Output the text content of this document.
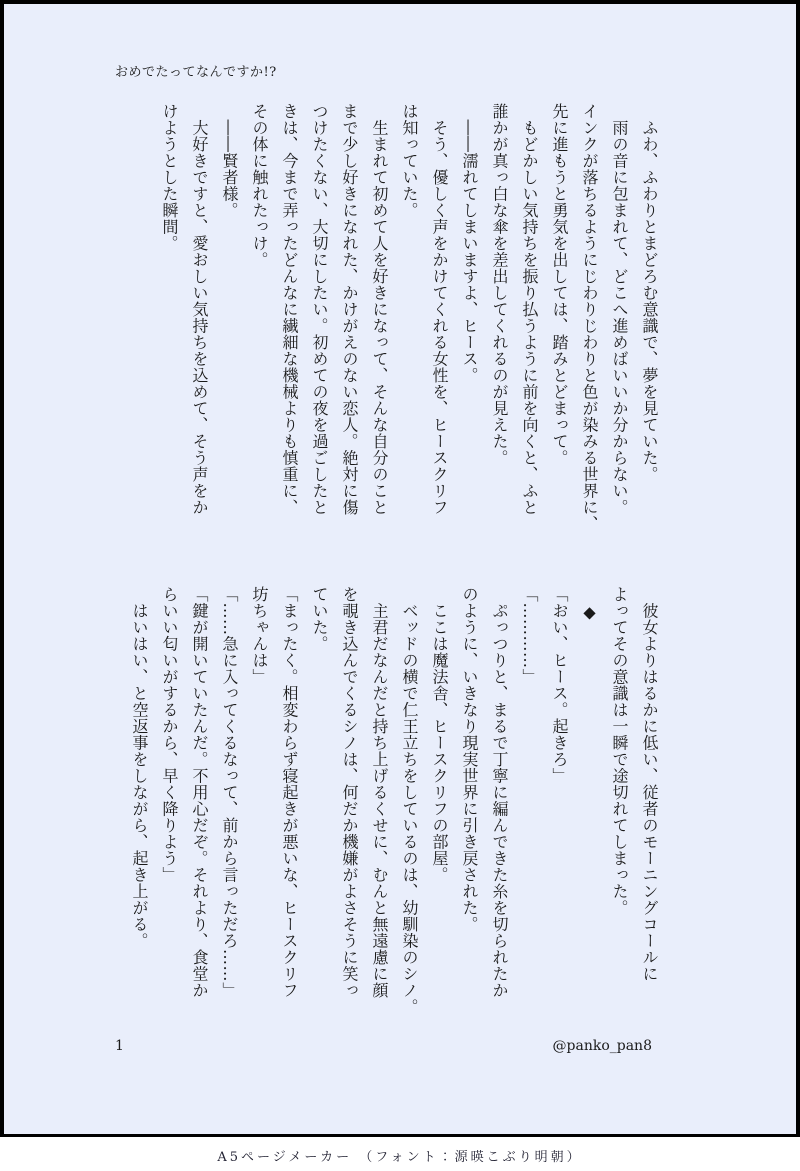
おめでたってなんですか!?

　ふわ、ふわりとまどろむ意識で、夢を見ていた。

　雨の音に包まれて、どこへ進めばいいか分からない。

インクが落ちるようにじわりじわりと色が染みる世界に、

先に進もうと勇気を出しては、踏みとどまって。

　もどかしい気持ちを振り払うように前を向くと、ふと

誰かが真っ白な傘を差出してくれるのが見えた。

　――濡れてしまいますよ、ヒース。

　そう、優しく声をかけてくれる女性を、ヒースクリフ

は知っていた。

　生まれて初めて人を好きになって、そんな自分のこと

まで少し好きになれた、かけがえのない恋人。絶対に傷

つけたくない、大切にしたい。初めての夜を過ごしたと

きは、今まで弄ったどんなに繊細な機械よりも慎重に、

その体に触れたっけ。

　――賢者様。

　大好きですと、愛おしい気持ちを込めて、そう声をか

けようとした瞬間。

　彼女よりはるかに低い、従者のモーニングコールに

よってその意識は一瞬で途切れてしまった。

　◆

「おい、ヒース。起きろ」

「…………」

　ぷっつりと、まるで丁寧に編んできた糸を切られたか

のように、いきなり現実世界に引き戻された。

　ここは魔法舎、ヒースクリフの部屋。

　ベッドの横で仁王立ちをしているのは、幼馴染のシノ。

　主君だなんだと持ち上げるくせに、むんと無遠慮に顔

を覗き込んでくるシノは、何だか機嫌がよさそうに笑っ

ていた。

「まったく。相変わらず寝起きが悪いな、ヒースクリフ

坊ちゃんは」

「……急に入ってくるなって、前から言っただろ……」

「鍵が開いていたんだ。不用心だぞ。それより、食堂か

らいい匂いがするから、早く降りよう」

　はいはい、と空返事をしながら、起き上がる。

1	@panko_pan8
A5ページメーカー （フォント：源暎こぶり明朝）
